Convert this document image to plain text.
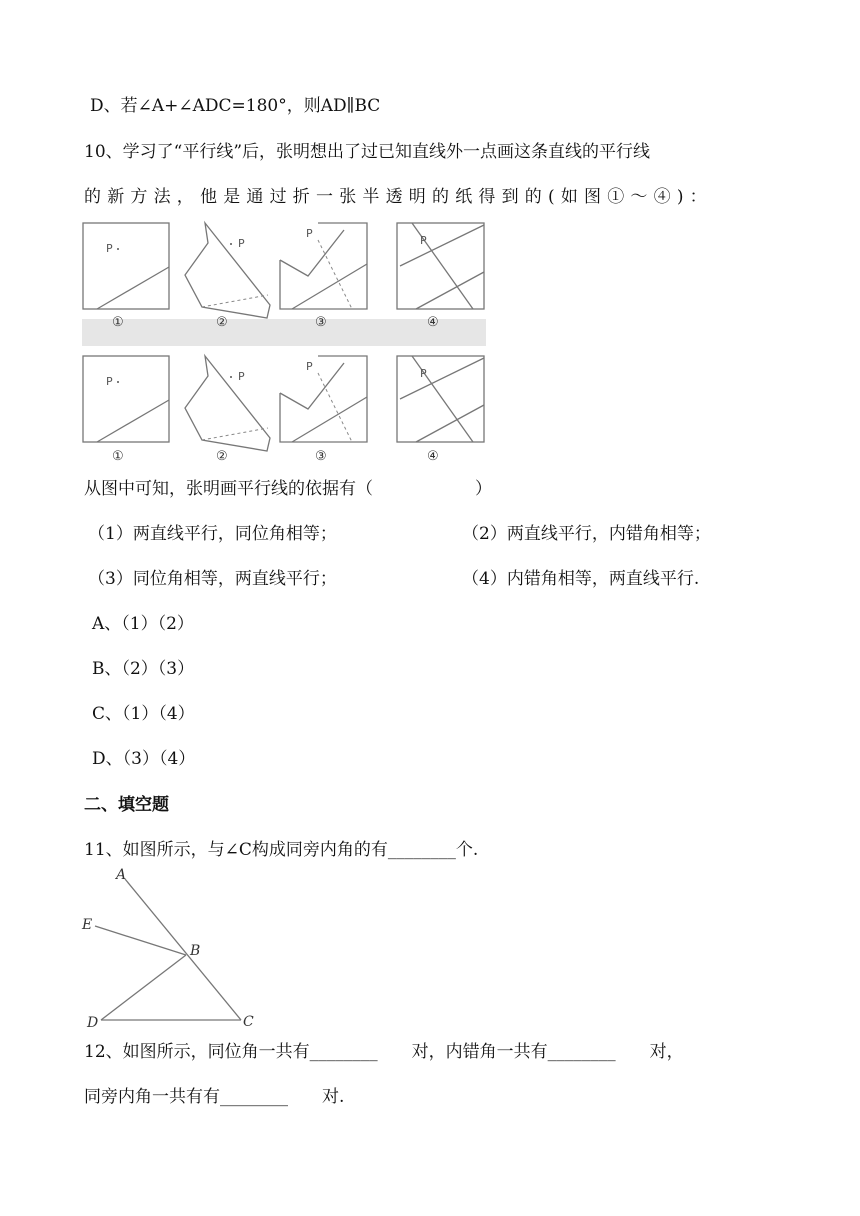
D、若∠A+∠ADC=180°，则AD∥BC
10、学习了“平行线”后，张明想出了过已知直线外一点画这条直线的平行线
的新方法，他是通过折一张半透明的纸得到的(如图①～④)：
P
①
P
②
P
③
P
④
P
①
P
②
P
③
P
④
从图中可知，张明画平行线的依据有（　　　　　　）
（1）两直线平行，同位角相等；	（2）两直线平行，内错角相等；
（3）同位角相等，两直线平行；	（4）内错角相等，两直线平行.
A、（1）（2）
B、（2）（3）
C、（1）（4）
D、（3）（4）
二、填空题
11、如图所示，与∠C构成同旁内角的有________个.
A
E
B
D	C
12、如图所示，同位角一共有________　　对，内错角一共有________　　对，
同旁内角一共有有________　　对.
